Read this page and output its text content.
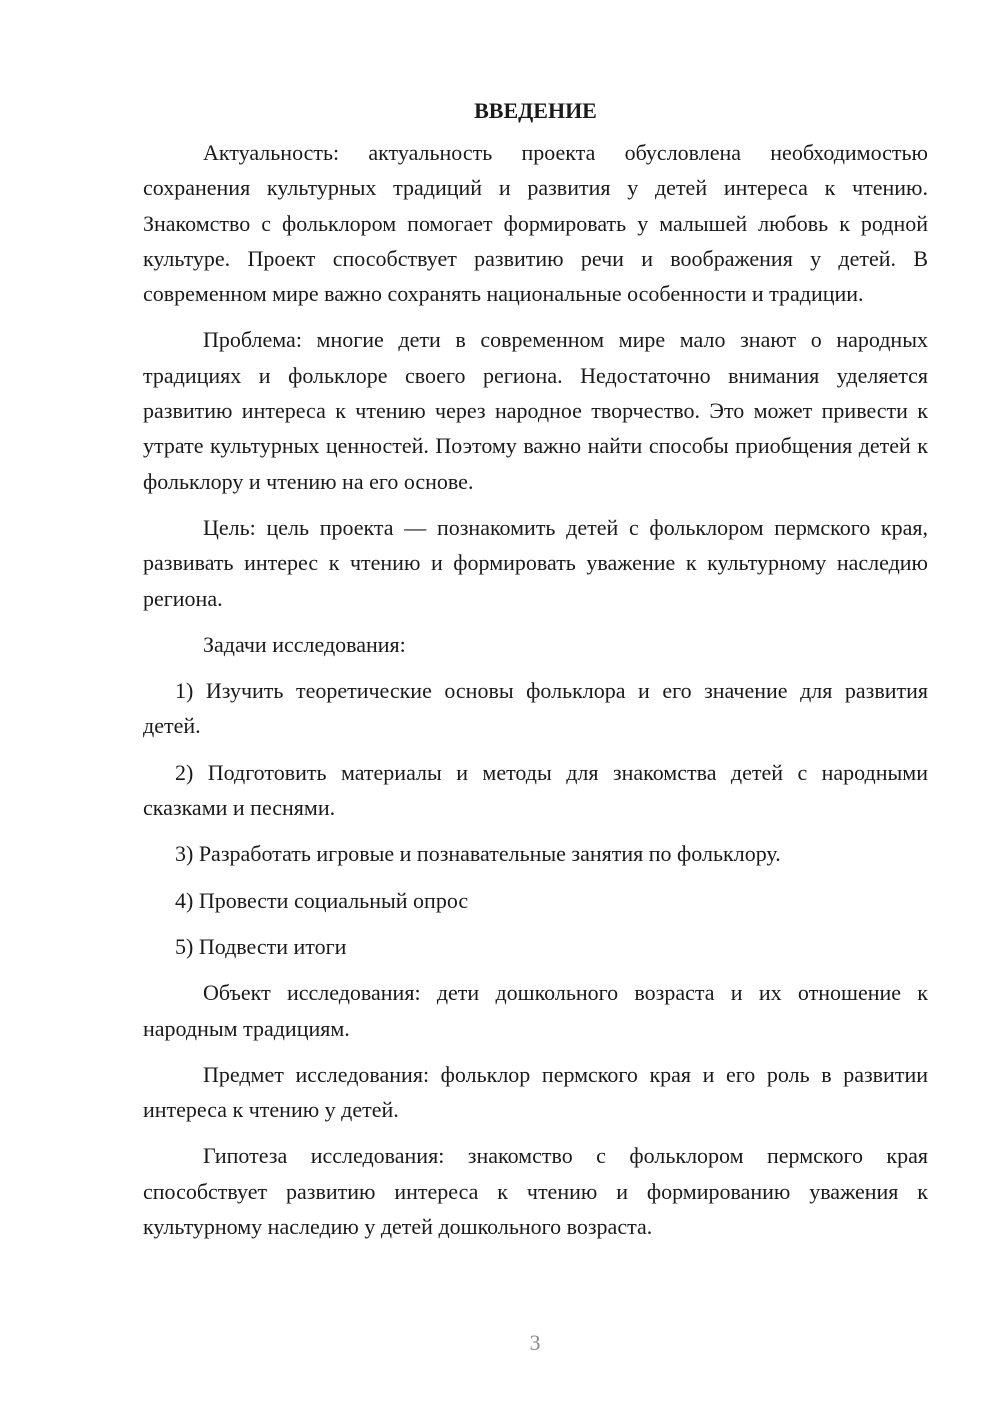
ВВЕДЕНИЕ

Актуальность: актуальность проекта обусловлена необходимостью сохранения культурных традиций и развития у детей интереса к чтению. Знакомство с фольклором помогает формировать у малышей любовь к родной культуре. Проект способствует развитию речи и воображения у детей. В современном мире важно сохранять национальные особенности и традиции.

Проблема: многие дети в современном мире мало знают о народных традициях и фольклоре своего региона. Недостаточно внимания уделяется развитию интереса к чтению через народное творчество. Это может привести к утрате культурных ценностей. Поэтому важно найти способы приобщения детей к фольклору и чтению на его основе.

Цель: цель проекта — познакомить детей с фольклором пермского края, развивать интерес к чтению и формировать уважение к культурному наследию региона.

Задачи исследования:

1) Изучить теоретические основы фольклора и его значение для развития детей.

2) Подготовить материалы и методы для знакомства детей с народными сказками и песнями.

3) Разработать игровые и познавательные занятия по фольклору.

4) Провести социальный опрос

5) Подвести итоги

Объект исследования: дети дошкольного возраста и их отношение к народным традициям.

Предмет исследования: фольклор пермского края и его роль в развитии интереса к чтению у детей.

Гипотеза исследования: знакомство с фольклором пермского края способствует развитию интереса к чтению и формированию уважения к культурному наследию у детей дошкольного возраста.

3
